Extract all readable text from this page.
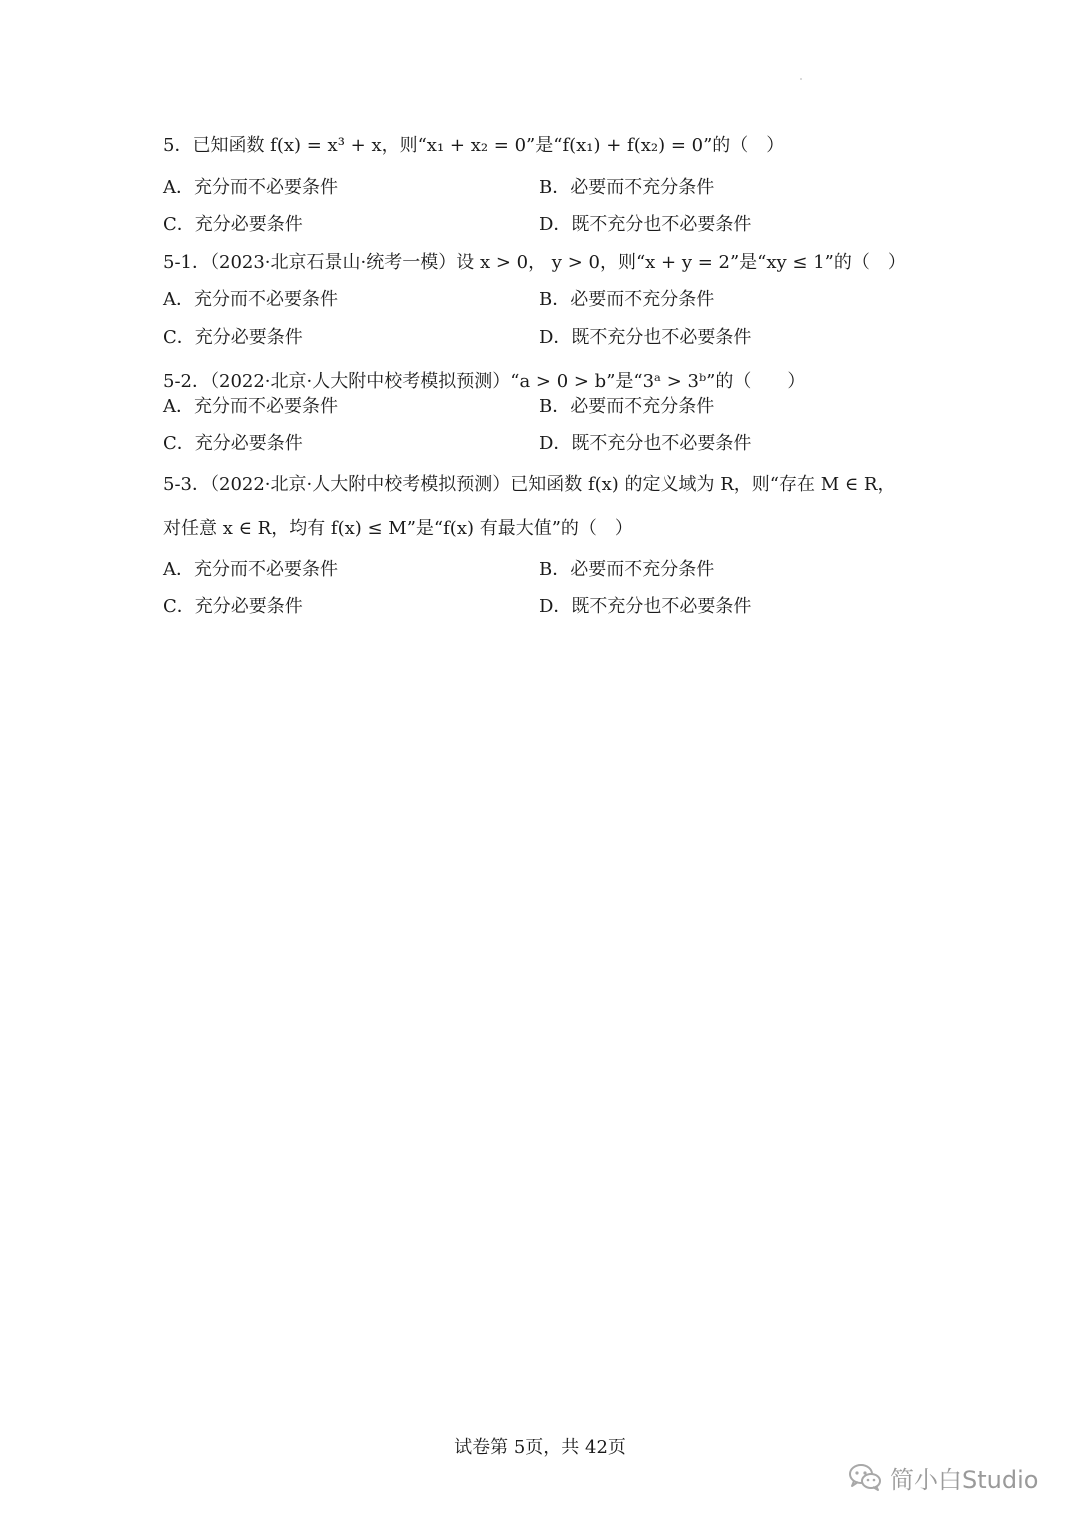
5．已知函数 f(x) = x³ + x，则“x₁ + x₂ = 0”是“f(x₁) + f(x₂) = 0”的（　）
A．充分而不必要条件	B．必要而不充分条件
C．充分必要条件	D．既不充分也不必要条件
5-1．（2023·北京石景山·统考一模）设 x > 0， y > 0，则“x + y = 2”是“xy ≤ 1”的（　）
A．充分而不必要条件	B．必要而不充分条件
C．充分必要条件	D．既不充分也不必要条件
5-2．（2022·北京·人大附中校考模拟预测）“a > 0 > b”是“3ᵃ > 3ᵇ”的（　　）
A．充分而不必要条件	B．必要而不充分条件
C．充分必要条件	D．既不充分也不必要条件
5-3．（2022·北京·人大附中校考模拟预测）已知函数 f(x) 的定义域为 R，则“存在 M ∈ R，
对任意 x ∈ R，均有 f(x) ≤ M”是“f(x) 有最大值”的（　）
A．充分而不必要条件	B．必要而不充分条件
C．充分必要条件	D．既不充分也不必要条件
试卷第 5页，共 42页
简小白Studio
